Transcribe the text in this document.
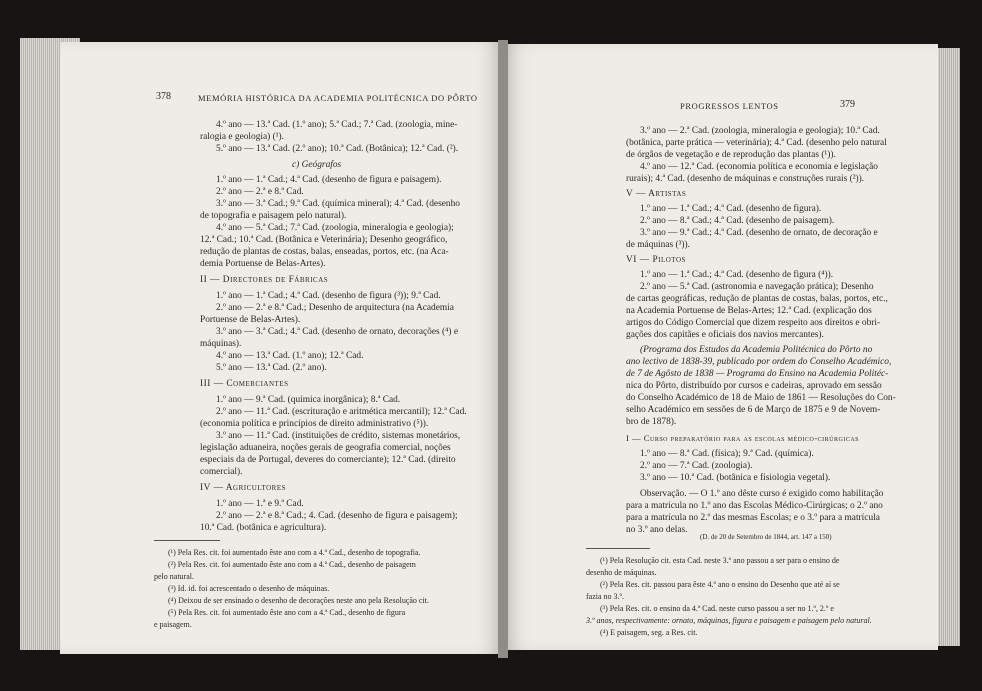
378	MEMÓRIA HISTÓRICA DA ACADEMIA POLITÉCNICA DO PÔRTO
4.º ano — 13.ª Cad. (1.º ano); 5.ª Cad.; 7.ª Cad. (zoologia, mine-
ralogia e geologia) (¹).
5.º ano — 13.ª Cad. (2.º ano); 10.ª Cad. (Botânica); 12.ª Cad. (²).
c) Geógrafos
1.º ano — 1.ª Cad.; 4.ª Cad. (desenho de figura e paisagem).
2.º ano — 2.ª e 8.ª Cad.
3.º ano — 3.ª Cad.; 9.ª Cad. (química mineral); 4.ª Cad. (desenho
de topografia e paisagem pelo natural).
4.º ano — 5.ª Cad.; 7.ª Cad. (zoologia, mineralogia e geologia);
12.ª Cad.; 10.ª Cad. (Botânica e Veterinária); Desenho geográfico,
redução de plantas de costas, balas, enseadas, portos, etc. (na Aca-
demia Portuense de Belas-Artes).
II — Directores de Fábricas
1.º ano — 1.ª Cad.; 4.ª Cad. (desenho de figura (³)); 9.ª Cad.
2.º ano — 2.ª e 8.ª Cad.; Desenho de arquitectura (na Academia
Portuense de Belas-Artes).
3.º ano — 3.ª Cad.; 4.ª Cad. (desenho de ornato, decorações (⁴) e
máquinas).
4.º ano — 13.ª Cad. (1.º ano); 12.ª Cad.
5.º ano — 13.ª Cad. (2.º ano).
III — Comerciantes
1.º ano — 9.ª Cad. (química inorgânica); 8.ª Cad.
2.º ano — 11.ª Cad. (escrituração e aritmética mercantil); 12.ª Cad.
(economia política e princípios de direito administrativo (⁵)).
3.º ano — 11.ª Cad. (instituições de crédito, sistemas monetários,
legislação aduaneira, noções gerais de geografia comercial, noções
especiais da de Portugal, deveres do comerciante); 12.ª Cad. (direito
comercial).
IV — Agricultores
1.º ano — 1.ª e 9.ª Cad.
2.º ano — 2.ª e 8.ª Cad.; 4. Cad. (desenho de figura e paisagem);
10.ª Cad. (botânica e agricultura).
(¹) Pela Res. cit. foi aumentado êste ano com a 4.ª Cad., desenho de topografia.
(²) Pela Res. cit. foi aumentado êste ano com a 4.ª Cad., desenho de paisagem
pelo natural.
(³) Id. id. foi acrescentado o desenho de máquinas.
(⁴) Deixou de ser ensinado o desenho de decorações neste ano pela Resolução cit.
(⁵) Pela Res. cit. foi aumentado êste ano com a 4.ª Cad., desenho de figura
e paisagem.
PROGRESSOS LENTOS	379
3.º ano — 2.ª Cad. (zoologia, mineralogia e geologia); 10.ª Cad.
(botânica, parte prática — veterinária); 4.ª Cad. (desenho pelo natural
de órgãos de vegetação e de reprodução das plantas (¹)).
4.º ano — 12.ª Cad. (economia política e economia e legislação
rurais); 4.ª Cad. (desenho de máquinas e construções rurais (²)).
V — Artistas
1.º ano — 1.ª Cad.; 4.ª Cad. (desenho de figura).
2.º ano — 8.ª Cad.; 4.ª Cad. (desenho de paisagem).
3.º ano — 9.ª Cad.; 4.ª Cad. (desenho de ornato, de decoração e
de máquinas (³)).
VI — Pilotos
1.º ano — 1.ª Cad.; 4.ª Cad. (desenho de figura (⁴)).
2.º ano — 5.ª Cad. (astronomia e navegação prática); Desenho
de cartas geográficas, redução de plantas de costas, balas, portos, etc.,
na Academia Portuense de Belas-Artes; 12.ª Cad. (explicação dos
artigos do Código Comercial que dizem respeito aos direitos e obri-
gações dos capitães e oficiais dos navios mercantes).
(Programa dos Estudos da Academia Politécnica do Pôrto no
ano lectivo de 1838-39, publicado por ordem do Conselho Académico,
de 7 de Agôsto de 1838 — Programa do Ensino na Academia Politéc-
nica do Pôrto, distribuído por cursos e cadeiras, aprovado em sessão
do Conselho Académico de 18 de Maio de 1861 — Resoluções do Con-
selho Académico em sessões de 6 de Março de 1875 e 9 de Novem-
bro de 1878).
I — Curso preparatório para as escolas médico-cirúrgicas
1.º ano — 8.ª Cad. (física); 9.ª Cad. (química).
2.º ano — 7.ª Cad. (zoologia).
3.º ano — 10.ª Cad. (botânica e fisiologia vegetal).
Observação. — O 1.º ano dêste curso é exigido como habilitação
para a matrícula no 1.º ano das Escolas Médico-Cirúrgicas; o 2.º ano
para a matrícula no 2.º das mesmas Escolas; e o 3.º para a matrícula
no 3.º ano delas.
(D. de 20 de Setembro de 1844, art. 147 a 150)
(¹) Pela Resolução cit. esta Cad. neste 3.º ano passou a ser para o ensino de
desenho de máquinas.
(²) Pela Res. cit. passou para êste 4.º ano o ensino do Desenho que até aí se
fazia no 3.º.
(³) Pela Res. cit. o ensino da 4.ª Cad. neste curso passou a ser no 1.º, 2.º e
3.º anos, respectivamente: ornato, máquinas, figura e paisagem e paisagem pelo natural.
(⁴) E paisagem, seg. a Res. cit.
